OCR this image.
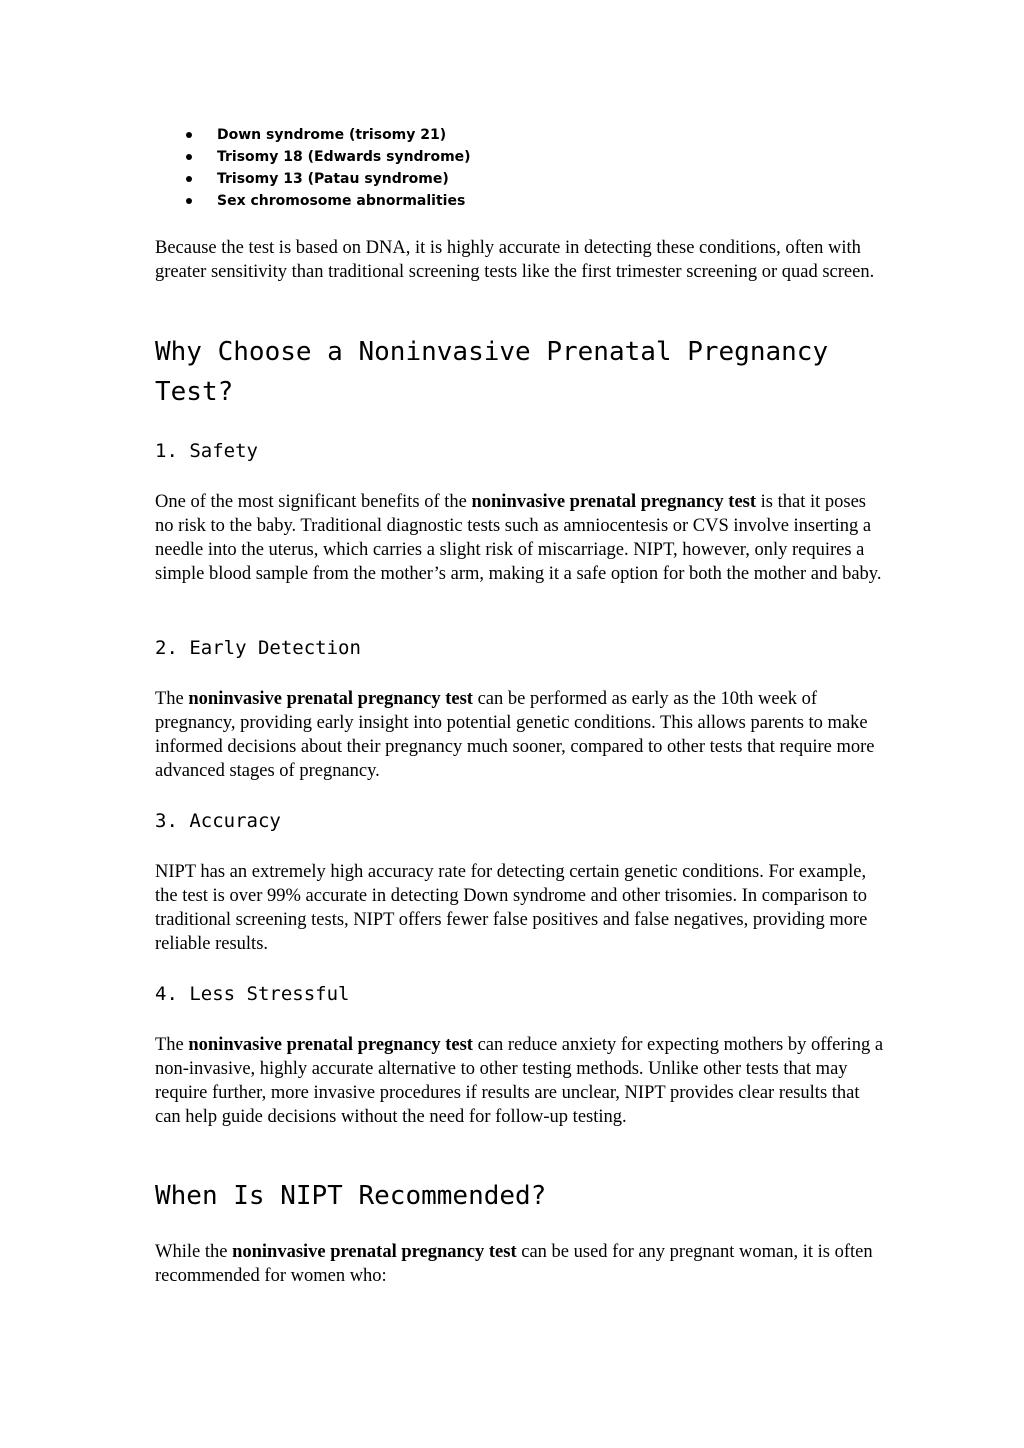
Down syndrome (trisomy 21)
Trisomy 18 (Edwards syndrome)
Trisomy 13 (Patau syndrome)
Sex chromosome abnormalities

Because the test is based on DNA, it is highly accurate in detecting these conditions, often with greater sensitivity than traditional screening tests like the first trimester screening or quad screen.

Why Choose a Noninvasive Prenatal Pregnancy Test?
1. Safety

One of the most significant benefits of the noninvasive prenatal pregnancy test is that it poses no risk to the baby. Traditional diagnostic tests such as amniocentesis or CVS involve inserting a needle into the uterus, which carries a slight risk of miscarriage. NIPT, however, only requires a simple blood sample from the mother’s arm, making it a safe option for both the mother and baby.

2. Early Detection

The noninvasive prenatal pregnancy test can be performed as early as the 10th week of pregnancy, providing early insight into potential genetic conditions. This allows parents to make informed decisions about their pregnancy much sooner, compared to other tests that require more advanced stages of pregnancy.

3. Accuracy

NIPT has an extremely high accuracy rate for detecting certain genetic conditions. For example, the test is over 99% accurate in detecting Down syndrome and other trisomies. In comparison to traditional screening tests, NIPT offers fewer false positives and false negatives, providing more reliable results.

4. Less Stressful

The noninvasive prenatal pregnancy test can reduce anxiety for expecting mothers by offering a non-invasive, highly accurate alternative to other testing methods. Unlike other tests that may require further, more invasive procedures if results are unclear, NIPT provides clear results that can help guide decisions without the need for follow-up testing.

When Is NIPT Recommended?

While the noninvasive prenatal pregnancy test can be used for any pregnant woman, it is often recommended for women who:
